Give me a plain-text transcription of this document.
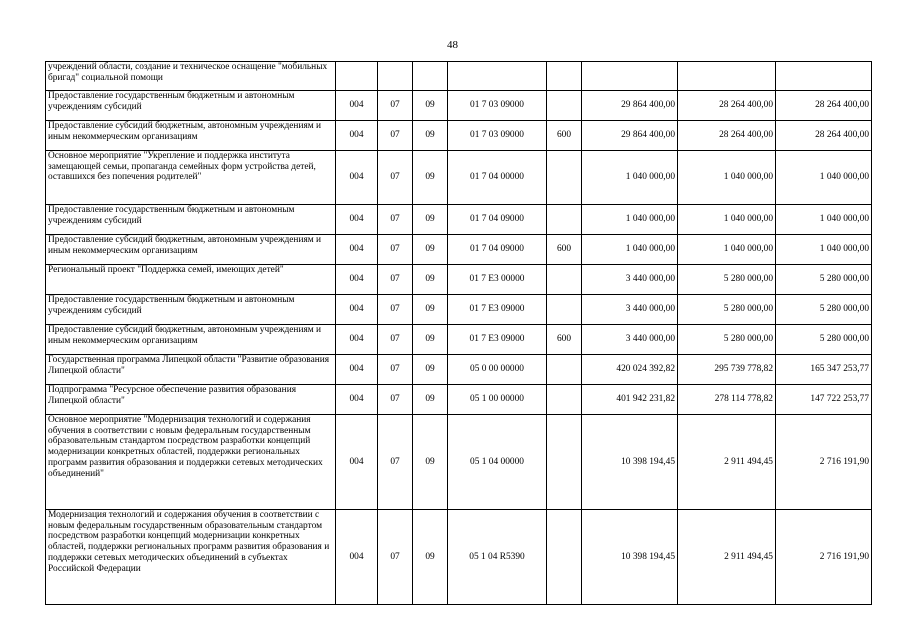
48
учреждений области, создание и техническое оснащение "мобильных бригад" социальной помощи								
Предоставление государственным бюджетным и автономным учреждениям субсидий	004	07	09	01 7 03 09000		29 864 400,00	28 264 400,00	28 264 400,00
Предоставление субсидий бюджетным, автономным учреждениям и иным некоммерческим организациям	004	07	09	01 7 03 09000	600	29 864 400,00	28 264 400,00	28 264 400,00
Основное мероприятие "Укрепление и поддержка института замещающей семьи, пропаганда семейных форм устройства детей, оставшихся без попечения родителей"	004	07	09	01 7 04 00000		1 040 000,00	1 040 000,00	1 040 000,00
Предоставление государственным бюджетным и автономным учреждениям субсидий	004	07	09	01 7 04 09000		1 040 000,00	1 040 000,00	1 040 000,00
Предоставление субсидий бюджетным, автономным учреждениям и иным некоммерческим организациям	004	07	09	01 7 04 09000	600	1 040 000,00	1 040 000,00	1 040 000,00
Региональный проект "Поддержка семей, имеющих детей"	004	07	09	01 7 E3 00000		3 440 000,00	5 280 000,00	5 280 000,00
Предоставление государственным бюджетным и автономным учреждениям субсидий	004	07	09	01 7 E3 09000		3 440 000,00	5 280 000,00	5 280 000,00
Предоставление субсидий бюджетным, автономным учреждениям и иным некоммерческим организациям	004	07	09	01 7 E3 09000	600	3 440 000,00	5 280 000,00	5 280 000,00
Государственная программа Липецкой области "Развитие образования Липецкой области"	004	07	09	05 0 00 00000		420 024 392,82	295 739 778,82	165 347 253,77
Подпрограмма "Ресурсное обеспечение развития образования Липецкой области"	004	07	09	05 1 00 00000		401 942 231,82	278 114 778,82	147 722 253,77
Основное мероприятие "Модернизация технологий и содержания обучения в соответствии с новым федеральным государственным образовательным стандартом посредством разработки концепций модернизации конкретных областей, поддержки региональных программ развития образования и поддержки сетевых методических объединений"	004	07	09	05 1 04 00000		10 398 194,45	2 911 494,45	2 716 191,90
Модернизация технологий и содержания обучения в соответствии с новым федеральным государственным образовательным стандартом посредством разработки концепций модернизации конкретных областей, поддержки региональных программ развития образования и поддержки сетевых методических объединений в субъектах Российской Федерации	004	07	09	05 1 04 R5390		10 398 194,45	2 911 494,45	2 716 191,90
